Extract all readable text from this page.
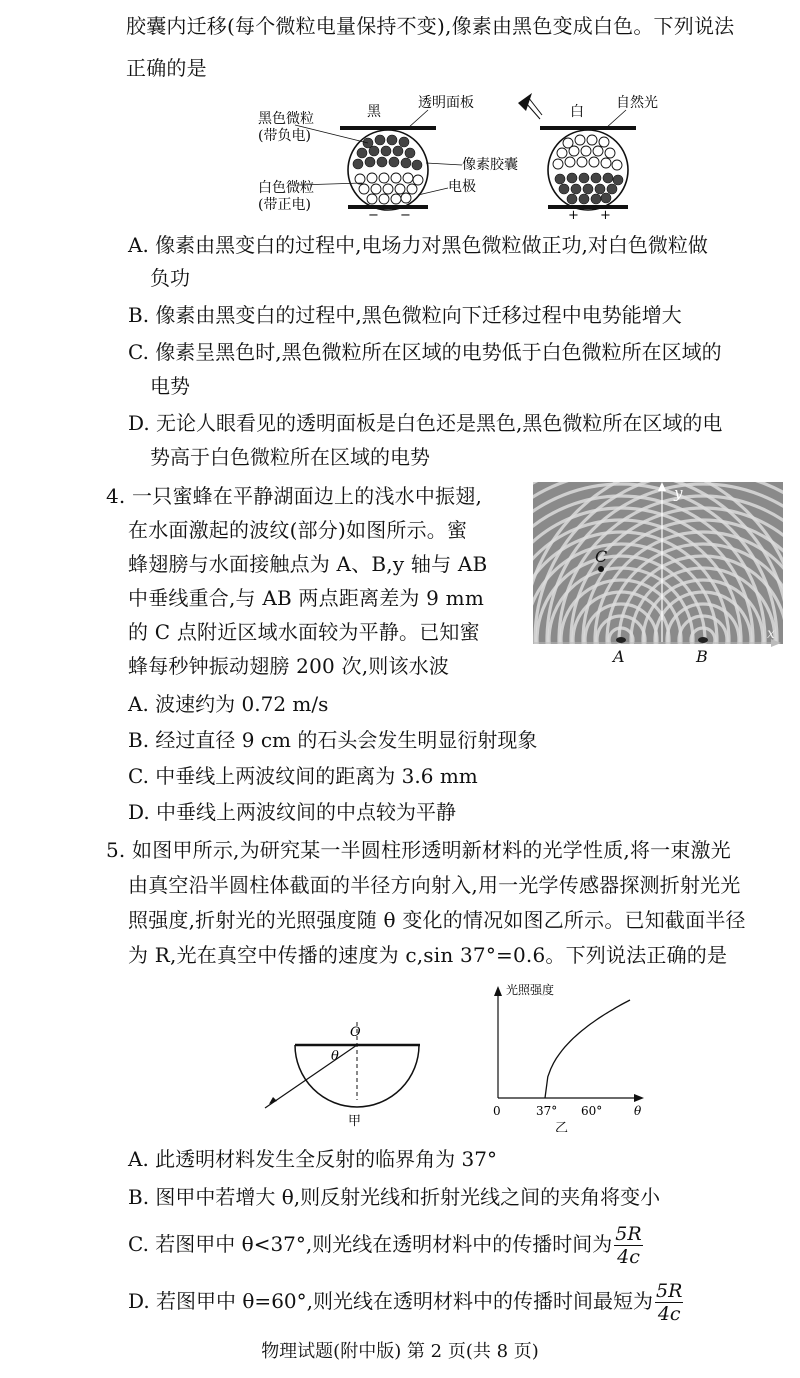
胶囊内迁移(每个微粒电量保持不变),像素由黑色变成白色。下列说法
正确的是
黑
透明面板
黑色微粒
(带负电)
像素胶囊
白色微粒
(带正电)
电极
白
自然光
− −	+ +
A. 像素由黑变白的过程中,电场力对黑色微粒做正功,对白色微粒做
负功
B. 像素由黑变白的过程中,黑色微粒向下迁移过程中电势能增大
C. 像素呈黑色时,黑色微粒所在区域的电势低于白色微粒所在区域的
电势
D. 无论人眼看见的透明面板是白色还是黑色,黑色微粒所在区域的电
势高于白色微粒所在区域的电势
4. 一只蜜蜂在平静湖面边上的浅水中振翅,
在水面激起的波纹(部分)如图所示。蜜
蜂翅膀与水面接触点为 A、B,y 轴与 AB
中垂线重合,与 AB 两点距离差为 9 mm
的 C 点附近区域水面较为平静。已知蜜
蜂每秒钟振动翅膀 200 次,则该水波
y
x
C
A	B
A. 波速约为 0.72 m/s
B. 经过直径 9 cm 的石头会发生明显衍射现象
C. 中垂线上两波纹间的距离为 3.6 mm
D. 中垂线上两波纹间的中点较为平静
5. 如图甲所示,为研究某一半圆柱形透明新材料的光学性质,将一束激光
由真空沿半圆柱体截面的半径方向射入,用一光学传感器探测折射光光
照强度,折射光的光照强度随 θ 变化的情况如图乙所示。已知截面半径
为 R,光在真空中传播的速度为 c,sin 37°=0.6。下列说法正确的是
O
θ
甲
光照强度
0	37° 60°	θ
乙
A. 此透明材料发生全反射的临界角为 37°
B. 图甲中若增大 θ,则反射光线和折射光线之间的夹角将变小
C. 若图甲中 θ<37°,则光线在透明材料中的传播时间为 $\frac{5R}{4c}$
D. 若图甲中 θ=60°,则光线在透明材料中的传播时间最短为 $\frac{5R}{4c}$
物理试题(附中版) 第 2 页(共 8 页)
